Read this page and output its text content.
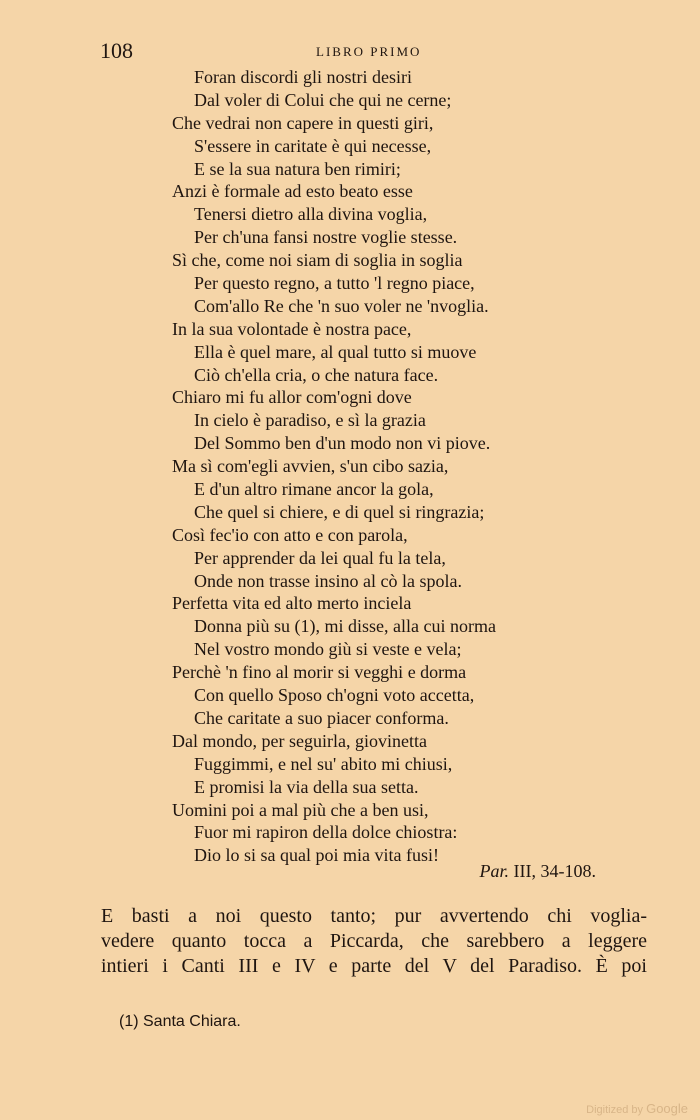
108	LIBRO PRIMO
Foran discordi gli nostri desiri
Dal voler di Colui che qui ne cerne;
Che vedrai non capere in questi giri,
S'essere in caritate è qui necesse,
E se la sua natura ben rimiri;
Anzi è formale ad esto beato esse
Tenersi dietro alla divina voglia,
Per ch'una fansi nostre voglie stesse.
Sì che, come noi siam di soglia in soglia
Per questo regno, a tutto 'l regno piace,
Com'allo Re che 'n suo voler ne 'nvoglia.
In la sua volontade è nostra pace,
Ella è quel mare, al qual tutto si muove
Ciò ch'ella cria, o che natura face.
Chiaro mi fu allor com'ogni dove
In cielo è paradiso, e sì la grazia
Del Sommo ben d'un modo non vi piove.
Ma sì com'egli avvien, s'un cibo sazia,
E d'un altro rimane ancor la gola,
Che quel si chiere, e di quel si ringrazia;
Così fec'io con atto e con parola,
Per apprender da lei qual fu la tela,
Onde non trasse insino al cò la spola.
Perfetta vita ed alto merto inciela
Donna più su (1), mi disse, alla cui norma
Nel vostro mondo giù si veste e vela;
Perchè 'n fino al morir si vegghi e dorma
Con quello Sposo ch'ogni voto accetta,
Che caritate a suo piacer conforma.
Dal mondo, per seguirla, giovinetta
Fuggimmi, e nel su' abito mi chiusi,
E promisi la via della sua setta.
Uomini poi a mal più che a ben usi,
Fuor mi rapiron della dolce chiostra:
Dio lo si sa qual poi mia vita fusi!
Par. III, 34-108.
E basti a noi questo tanto; pur avvertendo chi voglia-
vedere quanto tocca a Piccarda, che sarebbero a leggere
intieri i Canti III e IV e parte del V del Paradiso. È poi
(1) Santa Chiara.
Digitized by Google
